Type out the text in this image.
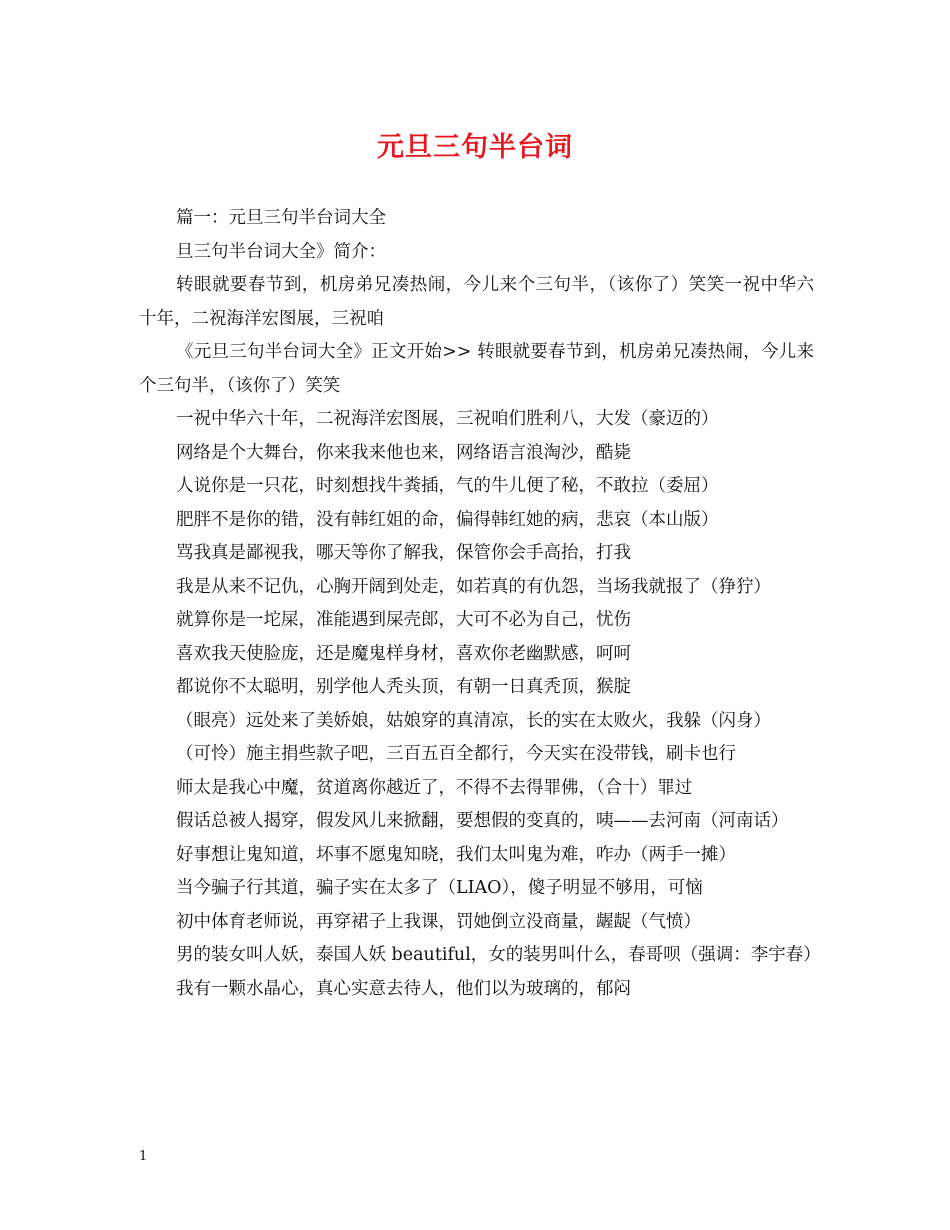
元旦三句半台词

篇一：元旦三句半台词大全

旦三句半台词大全》简介：

转眼就要春节到，机房弟兄凑热闹，今儿来个三句半，（该你了）笑笑一祝中华六十年，二祝海洋宏图展，三祝咱

《元旦三句半台词大全》正文开始>> 转眼就要春节到，机房弟兄凑热闹，今儿来个三句半，（该你了）笑笑

一祝中华六十年，二祝海洋宏图展，三祝咱们胜利八，大发（豪迈的）

网络是个大舞台，你来我来他也来，网络语言浪淘沙，酷毙

人说你是一只花，时刻想找牛粪插，气的牛儿便了秘，不敢拉（委屈）

肥胖不是你的错，没有韩红姐的命，偏得韩红她的病，悲哀（本山版）

骂我真是鄙视我，哪天等你了解我，保管你会手高抬，打我

我是从来不记仇，心胸开阔到处走，如若真的有仇怨，当场我就报了（狰狞）

就算你是一坨屎，准能遇到屎壳郎，大可不必为自己，忧伤

喜欢我天使脸庞，还是魔鬼样身材，喜欢你老幽默感，呵呵

都说你不太聪明，别学他人秃头顶，有朝一日真秃顶，猴腚

（眼亮）远处来了美娇娘，姑娘穿的真清凉，长的实在太败火，我躲（闪身）

（可怜）施主捐些款子吧，三百五百全都行，今天实在没带钱，刷卡也行

师太是我心中魔，贫道离你越近了，不得不去得罪佛，（合十）罪过

假话总被人揭穿，假发风儿来掀翻，要想假的变真的，咦——去河南（河南话）

好事想让鬼知道，坏事不愿鬼知晓，我们太叫鬼为难，咋办（两手一摊）

当今骗子行其道，骗子实在太多了（LIAO），傻子明显不够用，可恼

初中体育老师说，再穿裙子上我课，罚她倒立没商量，龌龊（气愤）

男的装女叫人妖，泰国人妖 beautiful，女的装男叫什么，春哥呗（强调：李宇春）

我有一颗水晶心，真心实意去待人，他们以为玻璃的，郁闷

1
